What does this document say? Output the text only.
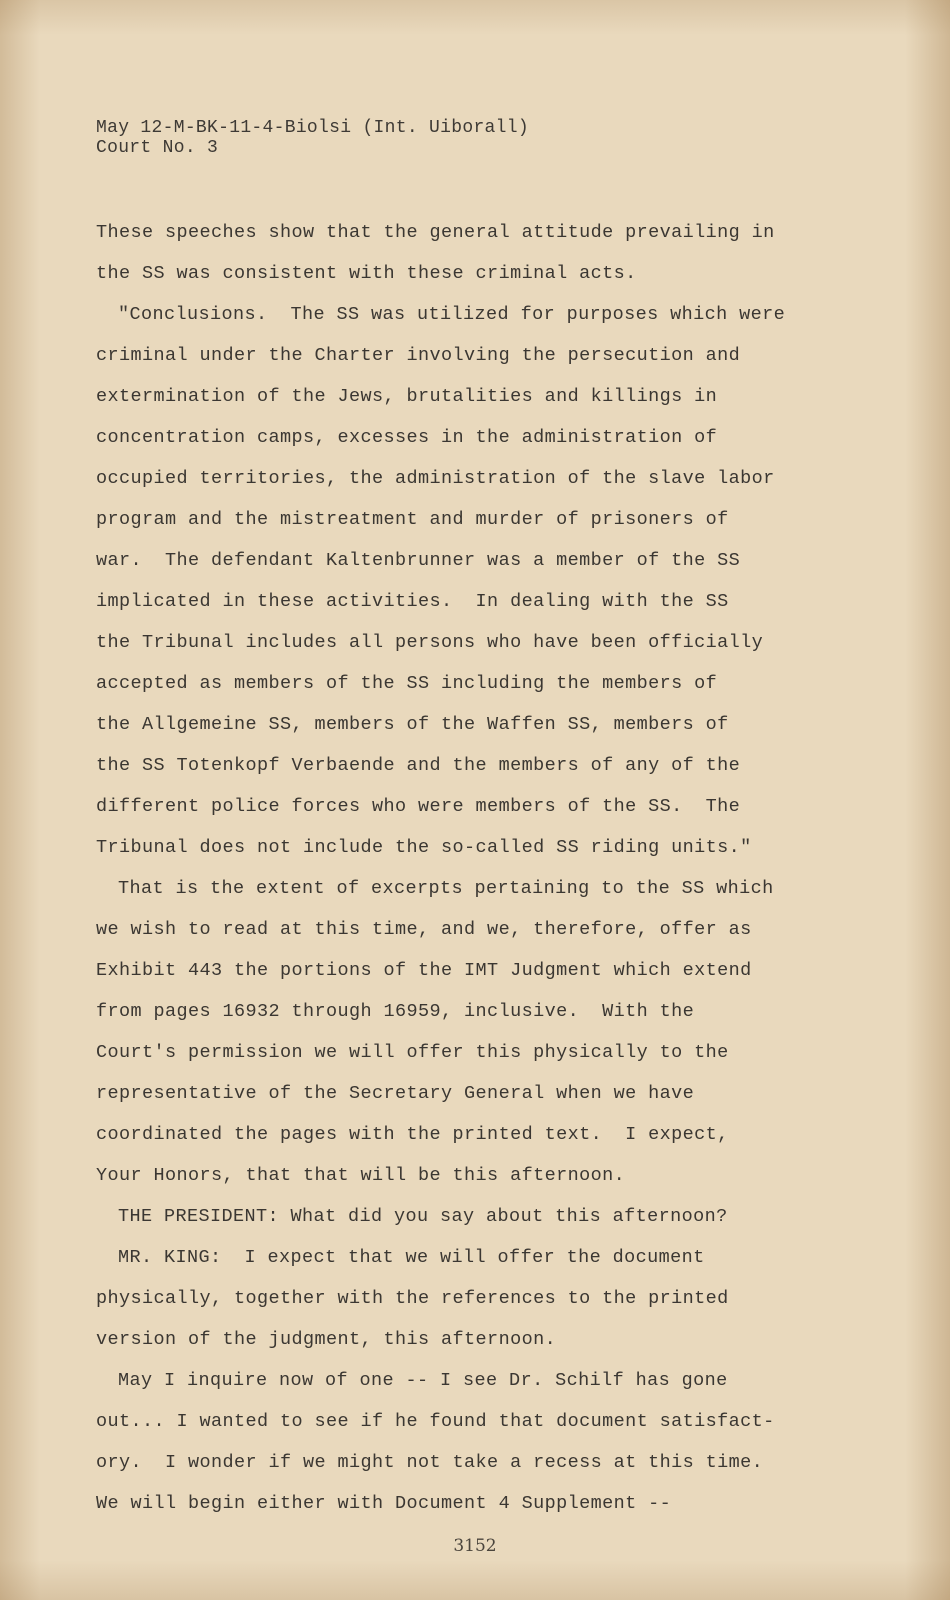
May 12-M-BK-11-4-Biolsi (Int. Uiborall)
Court No. 3
These speeches show that the general attitude prevailing in
the SS was consistent with these criminal acts.
"Conclusions.  The SS was utilized for purposes which were
criminal under the Charter involving the persecution and
extermination of the Jews, brutalities and killings in
concentration camps, excesses in the administration of
occupied territories, the administration of the slave labor
program and the mistreatment and murder of prisoners of
war.  The defendant Kaltenbrunner was a member of the SS
implicated in these activities.  In dealing with the SS
the Tribunal includes all persons who have been officially
accepted as members of the SS including the members of
the Allgemeine SS, members of the Waffen SS, members of
the SS Totenkopf Verbaende and the members of any of the
different police forces who were members of the SS.  The
Tribunal does not include the so-called SS riding units."
That is the extent of excerpts pertaining to the SS which
we wish to read at this time, and we, therefore, offer as
Exhibit 443 the portions of the IMT Judgment which extend
from pages 16932 through 16959, inclusive.  With the
Court's permission we will offer this physically to the
representative of the Secretary General when we have
coordinated the pages with the printed text.  I expect,
Your Honors, that that will be this afternoon.
THE PRESIDENT: What did you say about this afternoon?
MR. KING:  I expect that we will offer the document
physically, together with the references to the printed
version of the judgment, this afternoon.
May I inquire now of one -- I see Dr. Schilf has gone
out... I wanted to see if he found that document satisfact-
ory.  I wonder if we might not take a recess at this time.
We will begin either with Document 4 Supplement --
3152
